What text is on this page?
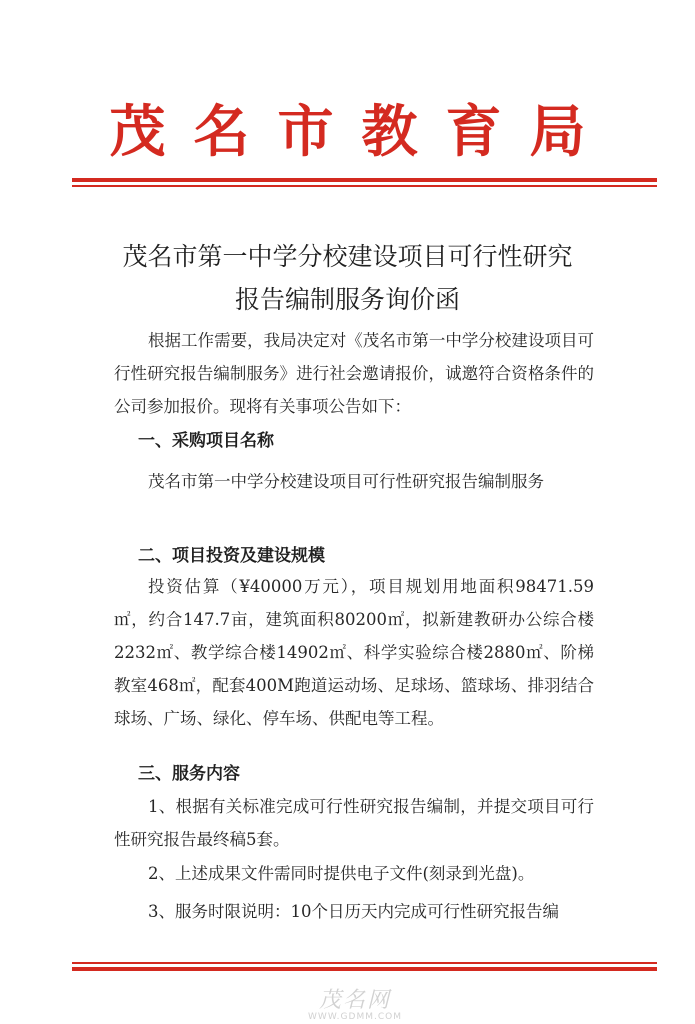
茂名市教育局
茂名市第一中学分校建设项目可行性研究
报告编制服务询价函
根据工作需要，我局决定对《茂名市第一中学分校建设项目可行性研究报告编制服务》进行社会邀请报价，诚邀符合资格条件的公司参加报价。现将有关事项公告如下：
一、采购项目名称
茂名市第一中学分校建设项目可行性研究报告编制服务
二、项目投资及建设规模
投资估算（¥40000万元），项目规划用地面积98471.59㎡，约合147.7亩，建筑面积80200㎡，拟新建教研办公综合楼2232㎡、教学综合楼14902㎡、科学实验综合楼2880㎡、阶梯教室468㎡，配套400M跑道运动场、足球场、篮球场、排羽结合球场、广场、绿化、停车场、供配电等工程。
三、服务内容
1、根据有关标准完成可行性研究报告编制，并提交项目可行性研究报告最终稿5套。
2、上述成果文件需同时提供电子文件(刻录到光盘)。
3、服务时限说明：10个日历天内完成可行性研究报告编
茂名网
WWW.GDMM.COM
